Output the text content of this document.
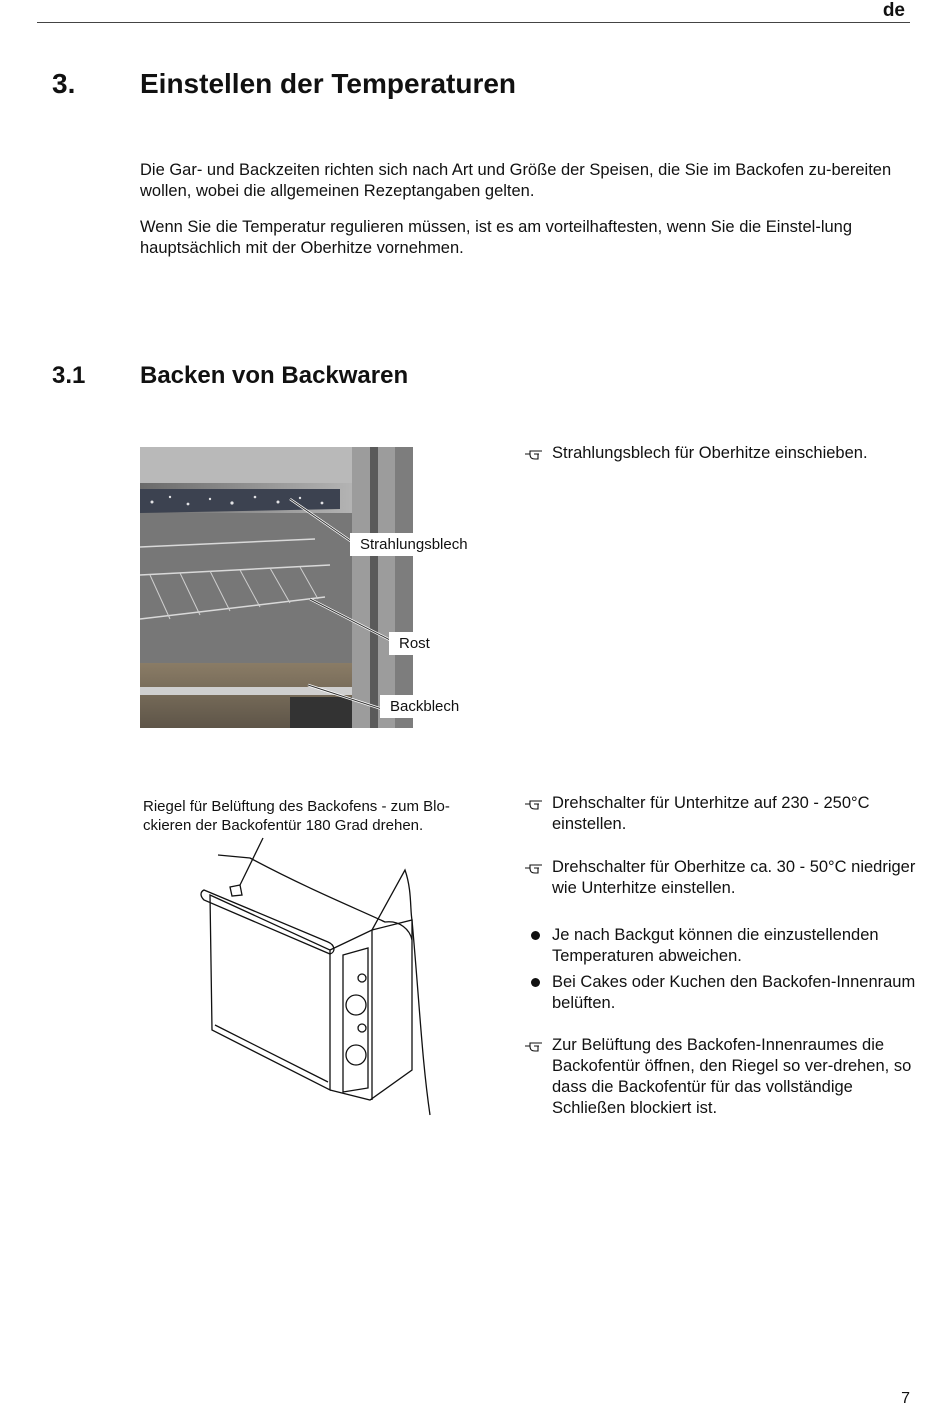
de
3. Einstellen der Temperaturen
Die Gar- und Backzeiten richten sich nach Art und Größe der Speisen, die Sie im Backofen zu-bereiten wollen, wobei die allgemeinen Rezeptangaben gelten.
Wenn Sie die Temperatur regulieren müssen, ist es am vorteilhaftesten, wenn Sie die Einstel-lung hauptsächlich mit der Oberhitze vornehmen.
3.1 Backen von Backwaren
Strahlungsblech
Rost
Backblech
Strahlungsblech für Oberhitze einschieben.
Riegel für Belüftung des Backofens - zum Blo-ckieren der Backofentür 180 Grad drehen.
Drehschalter für Unterhitze auf 230 - 250°C einstellen.
Drehschalter für Oberhitze ca. 30 - 50°C niedriger wie Unterhitze einstellen.
Je nach Backgut können die einzustellenden Temperaturen abweichen.
Bei Cakes oder Kuchen den Backofen-Innenraum belüften.
Zur Belüftung des Backofen-Innenraumes die Backofentür öffnen, den Riegel so ver-drehen, so dass die Backofentür für das vollständige Schließen blockiert ist.
7
